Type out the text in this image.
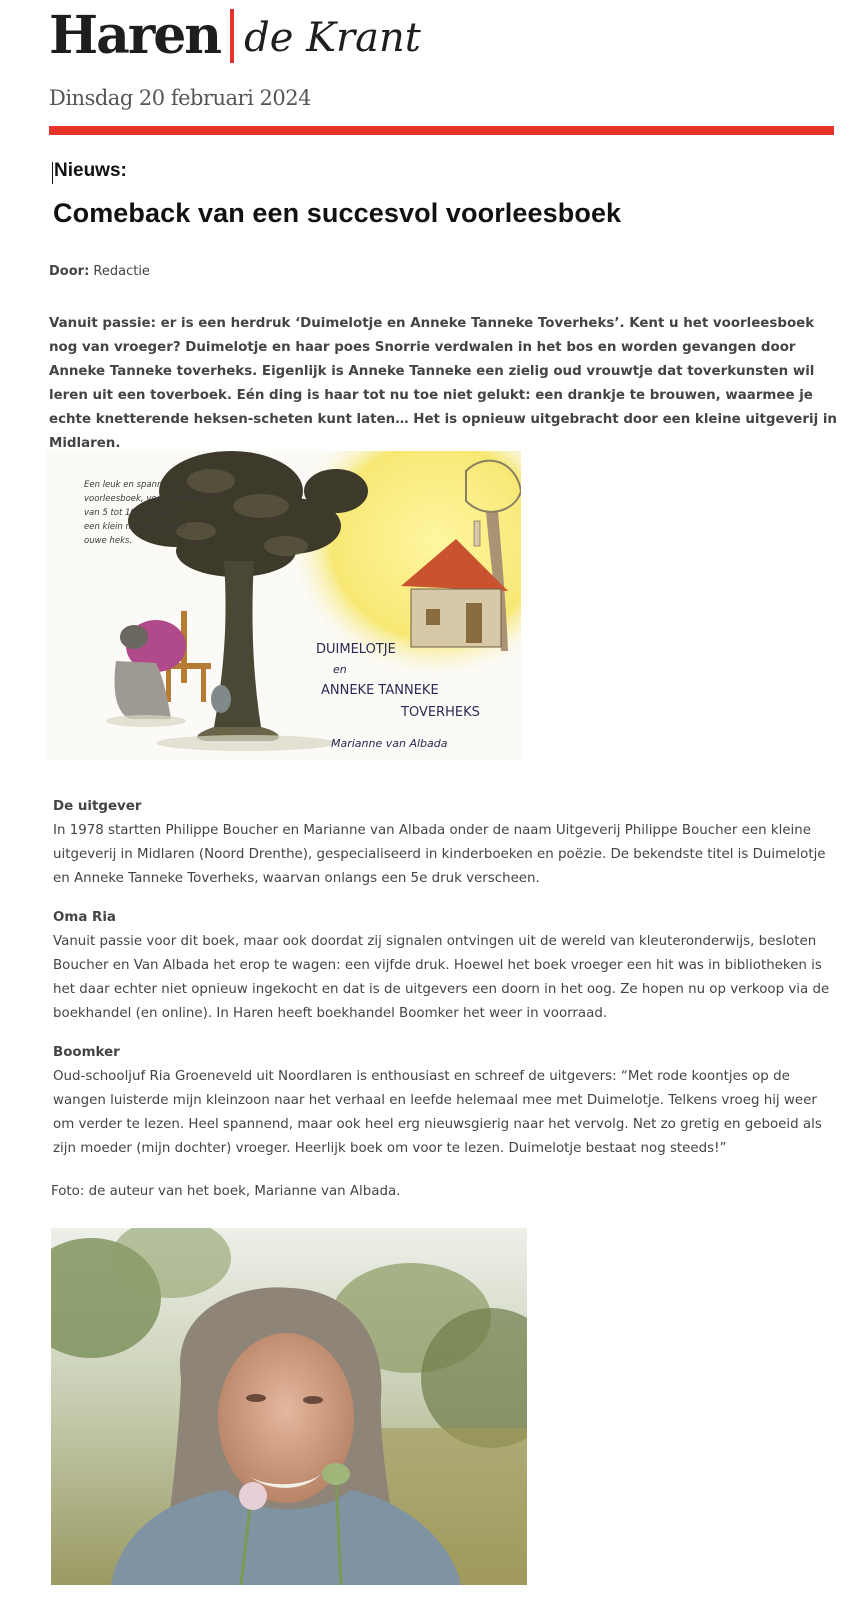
Haren de Krant
Dinsdag 20 februari 2024
Nieuws:
Comeback van een succesvol voorleesboek
Door: Redactie

Vanuit passie: er is een herdruk ‘Duimelotje en Anneke Tanneke Toverheks’. Kent u het voorleesboek nog van vroeger? Duimelotje en haar poes Snorrie verdwalen in het bos en worden gevangen door Anneke Tanneke toverheks. Eigenlijk is Anneke Tanneke een zielig oud vrouwtje dat toverkunsten wil leren uit een toverboek. Eén ding is haar tot nu toe niet gelukt: een drankje te brouwen, waarmee je echte knetterende heksen-scheten kunt laten… Het is opnieuw uitgebracht door een kleine uitgeverij in Midlaren.

Een leuk en spannend
voorleesboek, voor kinderen
van 5 tot 10 jaar, over
een klein meisje en een
ouwe heks.
DUIMELOTJE
en
ANNEKE TANNEKE
TOVERHEKS
Marianne van Albada
De uitgever
In 1978 startten Philippe Boucher en Marianne van Albada onder de naam Uitgeverij Philippe Boucher een kleine uitgeverij in Midlaren (Noord Drenthe), gespecialiseerd in kinderboeken en poëzie. De bekendste titel is Duimelotje en Anneke Tanneke Toverheks, waarvan onlangs een 5e druk verscheen.
Oma Ria
Vanuit passie voor dit boek, maar ook doordat zij signalen ontvingen uit de wereld van kleuteronderwijs, besloten Boucher en Van Albada het erop te wagen: een vijfde druk. Hoewel het boek vroeger een hit was in bibliotheken is het daar echter niet opnieuw ingekocht en dat is de uitgevers een doorn in het oog. Ze hopen nu op verkoop via de boekhandel (en online). In Haren heeft boekhandel Boomker het weer in voorraad.
Boomker
Oud-schooljuf Ria Groeneveld uit Noordlaren is enthousiast en schreef de uitgevers: “Met rode koontjes op de wangen luisterde mijn kleinzoon naar het verhaal en leefde helemaal mee met Duimelotje. Telkens vroeg hij weer om verder te lezen. Heel spannend, maar ook heel erg nieuwsgierig naar het vervolg. Net zo gretig en geboeid als zijn moeder (mijn dochter) vroeger. Heerlijk boek om voor te lezen. Duimelotje bestaat nog steeds!”
Foto: de auteur van het boek, Marianne van Albada.
